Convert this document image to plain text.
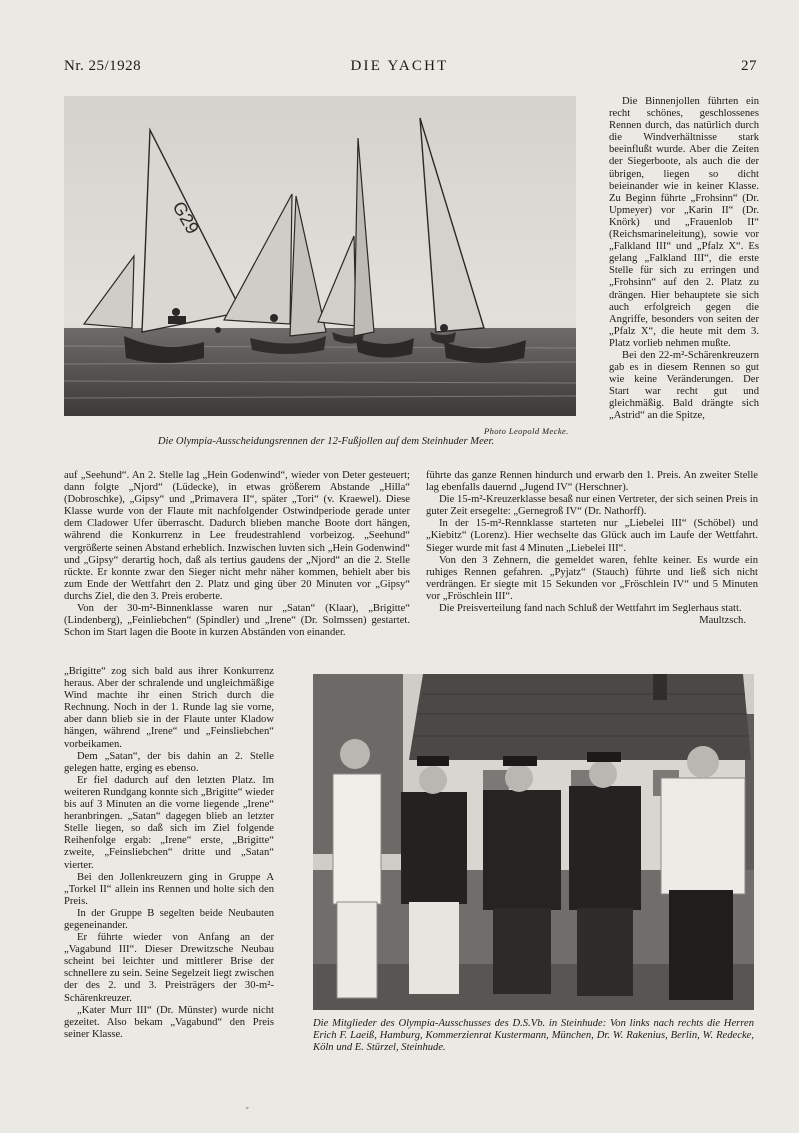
Nr. 25/1928	DIE YACHT	27
G29
Photo Leopold Mecke.
Die Olympia-Ausscheidungsrennen der 12-Fußjollen auf dem Steinhuder Meer.

Die Binnenjollen führten ein recht schönes, geschlossenes Rennen durch, das natürlich durch die Windverhältnisse stark beeinflußt wurde. Aber die Zeiten der Siegerboote, als auch die der übrigen, liegen so dicht beieinander wie in keiner Klasse. Zu Beginn führte „Frohsinn“ (Dr. Upmeyer) vor „Karin II“ (Dr. Knörk) und „Frauenlob II“ (Reichsmarineleitung), sowie vor „Falkland III“ und „Pfalz X“. Es gelang „Falkland III“, die erste Stelle für sich zu erringen und „Frohsinn“ auf den 2. Platz zu drängen. Hier behauptete sie sich auch erfolgreich gegen die Angriffe, besonders von seiten der „Pfalz X“, die heute mit dem 3. Platz vorlieb nehmen mußte.

Bei den 22-m²-Schärenkreuzern gab es in diesem Rennen so gut wie keine Veränderungen. Der Start war recht gut und gleichmäßig. Bald drängte sich „Astrid“ an die Spitze,

auf „Seehund“. An 2. Stelle lag „Hein Godenwind“, wieder von Deter gesteuert; dann folgte „Njord“ (Lüdecke), in etwas größerem Abstande „Hilla“ (Dobroschke), „Gipsy“ und „Primavera II“, später „Tori“ (v. Kraewel). Diese Klasse wurde von der Flaute mit nachfolgender Ostwindperiode gerade unter dem Cladower Ufer überrascht. Dadurch blieben manche Boote dort hängen, während die Konkurrenz in Lee freudestrahlend vorbeizog. „Seehund“ vergrößerte seinen Abstand erheblich. Inzwischen luvten sich „Hein Godenwind“ und „Gipsy“ derartig hoch, daß als tertius gaudens der „Njord“ an die 2. Stelle rückte. Er konnte zwar den Sieger nicht mehr näher kommen, behielt aber bis zum Ende der Wettfahrt den 2. Platz und ging über 20 Minuten vor „Gipsy“ durchs Ziel, die den 3. Preis eroberte.

Von der 30-m²-Binnenklasse waren nur „Satan“ (Klaar), „Brigitte“ (Lindenberg), „Feinliebchen“ (Spindler) und „Irene“ (Dr. Solmssen) gestartet. Schon im Start lagen die Boote in kurzen Abständen von einander.

„Brigitte“ zog sich bald aus ihrer Konkurrenz heraus. Aber der schralende und ungleichmäßige Wind machte ihr einen Strich durch die Rechnung. Noch in der 1. Runde lag sie vorne, aber dann blieb sie in der Flaute unter Kladow hängen, während „Irene“ und „Feinsliebchen“ vorbeikamen.

Dem „Satan“, der bis dahin an 2. Stelle gelegen hatte, erging es ebenso.

Er fiel dadurch auf den letzten Platz. Im weiteren Rundgang konnte sich „Brigitte“ wieder bis auf 3 Minuten an die vorne liegende „Irene“ heranbringen. „Satan“ dagegen blieb an letzter Stelle liegen, so daß sich im Ziel folgende Reihenfolge ergab: „Irene“ erste, „Brigitte“ zweite, „Feinsliebchen“ dritte und „Satan“ vierter.

Bei den Jollenkreuzern ging in Gruppe A „Torkel II“ allein ins Rennen und holte sich den Preis.

In der Gruppe B segelten beide Neubauten gegeneinander.

Er führte wieder von Anfang an der „Vagabund III“. Dieser Drewitzsche Neubau scheint bei leichter und mittlerer Brise der schnellere zu sein. Seine Segelzeit liegt zwischen der des 2. und 3. Preisträgers der 30-m²-Schärenkreuzer.

„Kater Murr III“ (Dr. Münster) wurde nicht gezeitet. Also bekam „Vagabund“ den Preis seiner Klasse.

führte das ganze Rennen hindurch und erwarb den 1. Preis. An zweiter Stelle lag ebenfalls dauernd „Jugend IV“ (Herschner).

Die 15-m²-Kreuzerklasse besaß nur einen Vertreter, der sich seinen Preis in guter Zeit ersegelte: „Gernegroß IV“ (Dr. Nathorff).

In der 15-m²-Rennklasse starteten nur „Liebelei III“ (Schöbel) und „Kiebitz“ (Lorenz). Hier wechselte das Glück auch im Laufe der Wettfahrt. Sieger wurde mit fast 4 Minuten „Liebelei III“.

Von den 3 Zehnern, die gemeldet waren, fehlte keiner. Es wurde ein ruhiges Rennen gefahren. „Pyjatz“ (Stauch) führte und ließ sich nicht verdrängen. Er siegte mit 15 Sekunden vor „Fröschlein IV“ und 5 Minuten vor „Fröschlein III“.

Die Preisverteilung fand nach Schluß der Wettfahrt im Seglerhaus statt.

Maultzsch.
Die Mitglieder des Olympia-Ausschusses des D.S.Vb. in Steinhude: Von links nach rechts die Herren Erich F. Laeiß, Hamburg, Kommerzienrat Kustermann, München, Dr. W. Rakenius, Berlin, W. Redecke, Köln und E. Stürzel, Steinhude.
ˇ
